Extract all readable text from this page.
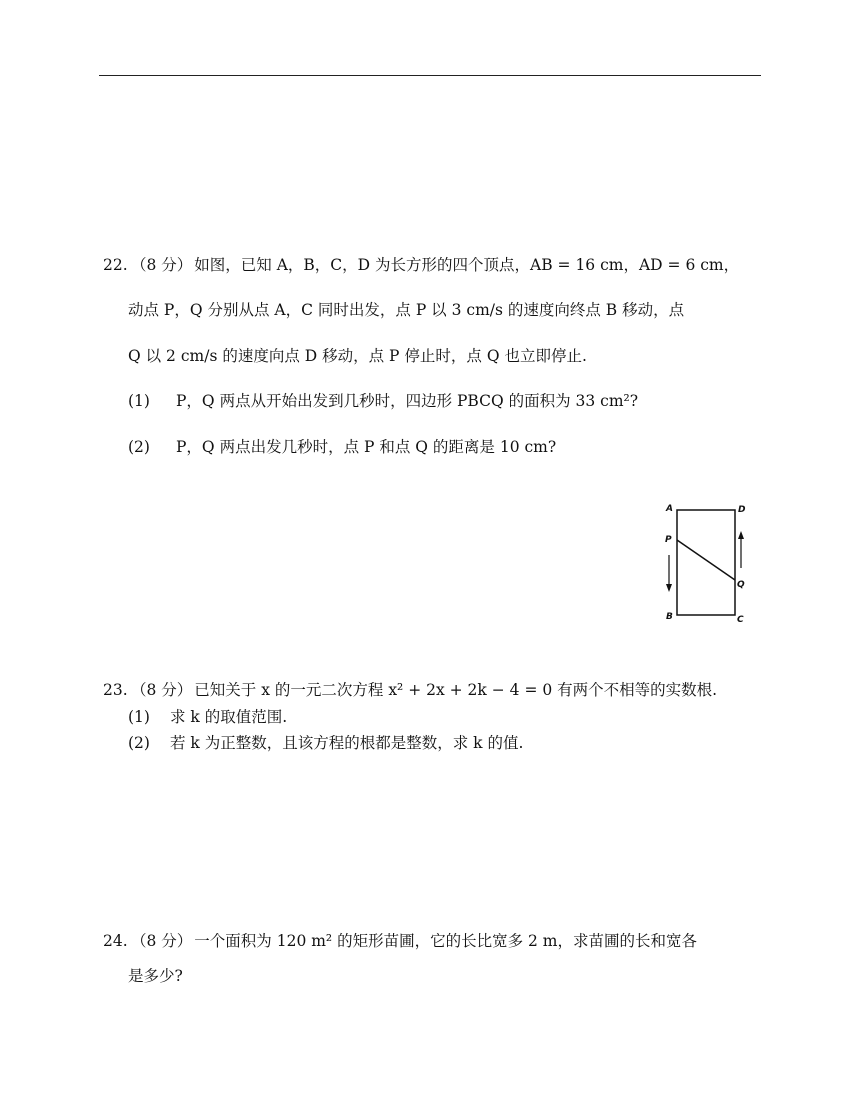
22. （8 分） 如图，已知 A，B，C，D 为长方形的四个顶点，AB = 16 cm，AD = 6 cm，
动点 P，Q 分别从点 A，C 同时出发，点 P 以 3 cm/s 的速度向终点 B 移动，点
Q 以 2 cm/s 的速度向点 D 移动，点 P 停止时，点 Q 也立即停止.
(1) P，Q 两点从开始出发到几秒时，四边形 PBCQ 的面积为 33 cm²?
(2) P，Q 两点出发几秒时，点 P 和点 Q 的距离是 10 cm?
A	D
P
Q
B	C
23. （8 分） 已知关于 x 的一元二次方程 x² + 2x + 2k − 4 = 0 有两个不相等的实数根.
(1) 求 k 的取值范围.
(2) 若 k 为正整数，且该方程的根都是整数，求 k 的值.
24. （8 分） 一个面积为 120 m² 的矩形苗圃，它的长比宽多 2 m，求苗圃的长和宽各
是多少?
